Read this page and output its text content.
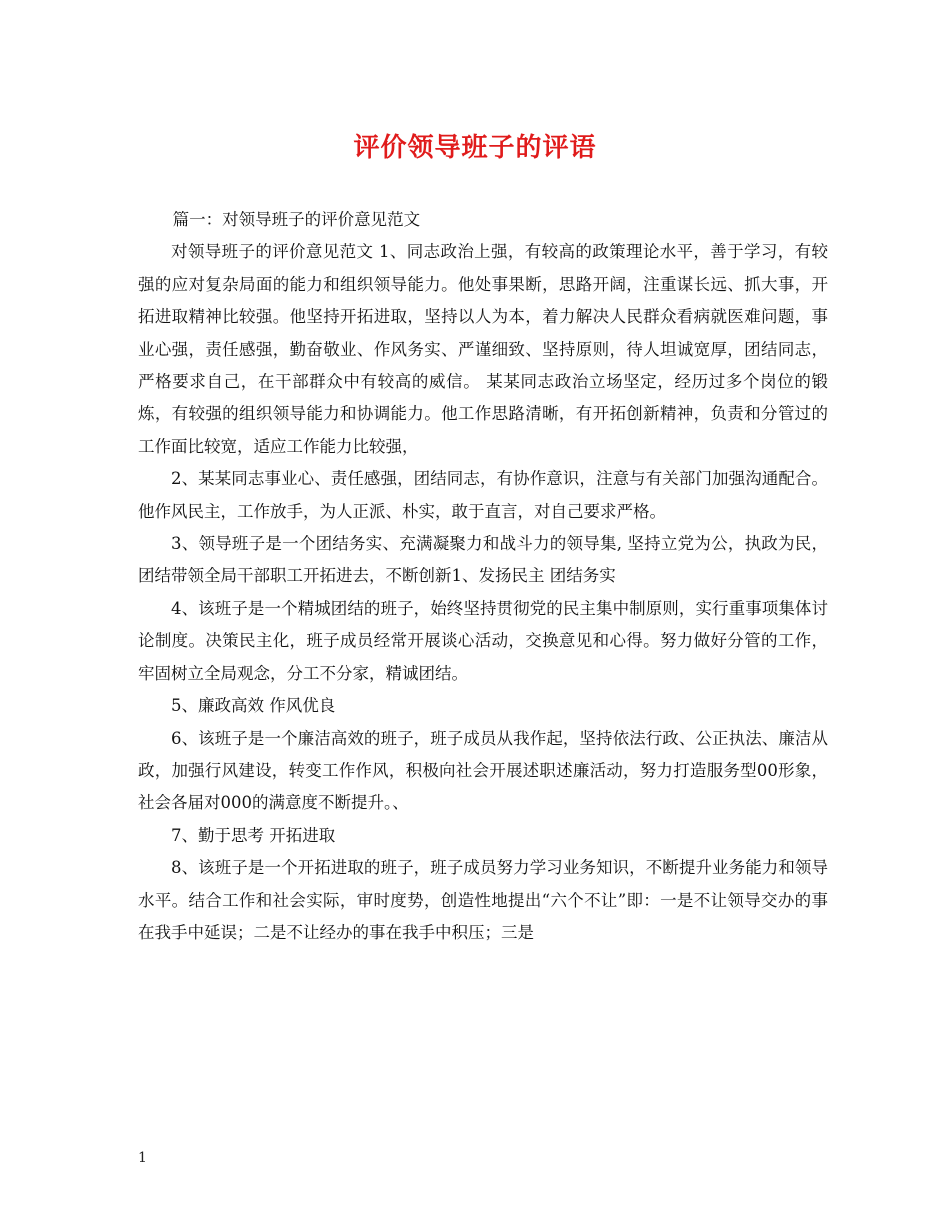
评价领导班子的评语

篇一：对领导班子的评价意见范文

对领导班子的评价意见范文 1、同志政治上强，有较高的政策理论水平，善于学习，有较强的应对复杂局面的能力和组织领导能力。他处事果断，思路开阔，注重谋长远、抓大事，开拓进取精神比较强。他坚持开拓进取，坚持以人为本，着力解决人民群众看病就医难问题，事业心强，责任感强，勤奋敬业、作风务实、严谨细致、坚持原则，待人坦诚宽厚，团结同志，严格要求自己，在干部群众中有较高的威信。 某某同志政治立场坚定，经历过多个岗位的锻炼，有较强的组织领导能力和协调能力。他工作思路清晰，有开拓创新精神，负责和分管过的工作面比较宽，适应工作能力比较强，

2、某某同志事业心、责任感强，团结同志，有协作意识，注意与有关部门加强沟通配合。他作风民主，工作放手，为人正派、朴实，敢于直言，对自己要求严格。

3、领导班子是一个团结务实、充满凝聚力和战斗力的领导集, 坚持立党为公，执政为民，团结带领全局干部职工开拓进去，不断创新1、发扬民主 团结务实

4、该班子是一个精城团结的班子，始终坚持贯彻党的民主集中制原则，实行重事项集体讨论制度。决策民主化，班子成员经常开展谈心活动，交换意见和心得。努力做好分管的工作，牢固树立全局观念，分工不分家，精诚团结。

5、廉政高效 作风优良

6、该班子是一个廉洁高效的班子，班子成员从我作起，坚持依法行政、公正执法、廉洁从政，加强行风建设，转变工作作风，积极向社会开展述职述廉活动，努力打造服务型00形象，社会各届对000的满意度不断提升。、

7、勤于思考 开拓进取

8、该班子是一个开拓进取的班子，班子成员努力学习业务知识，不断提升业务能力和领导水平。结合工作和社会实际，审时度势，创造性地提出“六个不让”即：一是不让领导交办的事在我手中延误；二是不让经办的事在我手中积压；三是

1
